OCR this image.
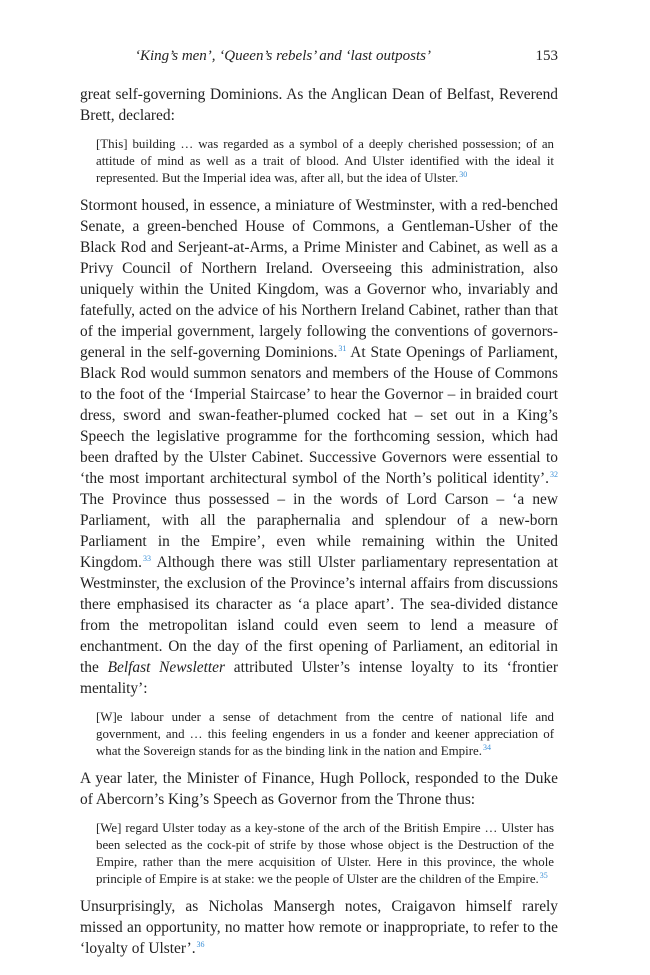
‘King’s men’, ‘Queen’s rebels’ and ‘last outposts’	153

great self-governing Dominions. As the Anglican Dean of Belfast, Reverend Brett, declared:

[This] building … was regarded as a symbol of a deeply cherished possession; of an attitude of mind as well as a trait of blood. And Ulster identified with the ideal it represented. But the Imperial idea was, after all, but the idea of Ulster.$^{30}$

Stormont housed, in essence, a miniature of Westminster, with a red-benched Senate, a green-benched House of Commons, a Gentleman-Usher of the Black Rod and Serjeant-at-Arms, a Prime Minister and Cabinet, as well as a Privy Council of Northern Ireland. Overseeing this administration, also uniquely within the United Kingdom, was a Governor who, invariably and fatefully, acted on the advice of his Northern Ireland Cabinet, rather than that of the imperial government, largely following the conventions of governors-general in the self-governing Dominions.$^{31}$ At State Openings of Parliament, Black Rod would summon senators and members of the House of Commons to the foot of the ‘Imperial Staircase’ to hear the Governor – in braided court dress, sword and swan-feather-plumed cocked hat – set out in a King’s Speech the legislative programme for the forthcoming session, which had been drafted by the Ulster Cabinet. Successive Governors were essential to ‘the most important architectural symbol of the North’s political identity’.$^{32}$ The Province thus possessed – in the words of Lord Carson – ‘a new Parliament, with all the paraphernalia and splendour of a new-born Parliament in the Empire’, even while remaining within the United Kingdom.$^{33}$ Although there was still Ulster parliamentary representation at Westminster, the exclusion of the Province’s internal affairs from discussions there emphasised its character as ‘a place apart’. The sea-divided distance from the metropolitan island could even seem to lend a measure of enchantment. On the day of the first opening of Parliament, an editorial in the Belfast Newsletter attributed Ulster’s intense loyalty to its ‘frontier mentality’:

[W]e labour under a sense of detachment from the centre of national life and government, and … this feeling engenders in us a fonder and keener appreciation of what the Sovereign stands for as the binding link in the nation and Empire.$^{34}$

A year later, the Minister of Finance, Hugh Pollock, responded to the Duke of Abercorn’s King’s Speech as Governor from the Throne thus:

[We] regard Ulster today as a key-stone of the arch of the British Empire … Ulster has been selected as the cock-pit of strife by those whose object is the Destruction of the Empire, rather than the mere acquisition of Ulster. Here in this province, the whole principle of Empire is at stake: we the people of Ulster are the children of the Empire.$^{35}$

Unsurprisingly, as Nicholas Mansergh notes, Craigavon himself rarely missed an opportunity, no matter how remote or inappropriate, to refer to the ‘loyalty of Ulster’.$^{36}$
